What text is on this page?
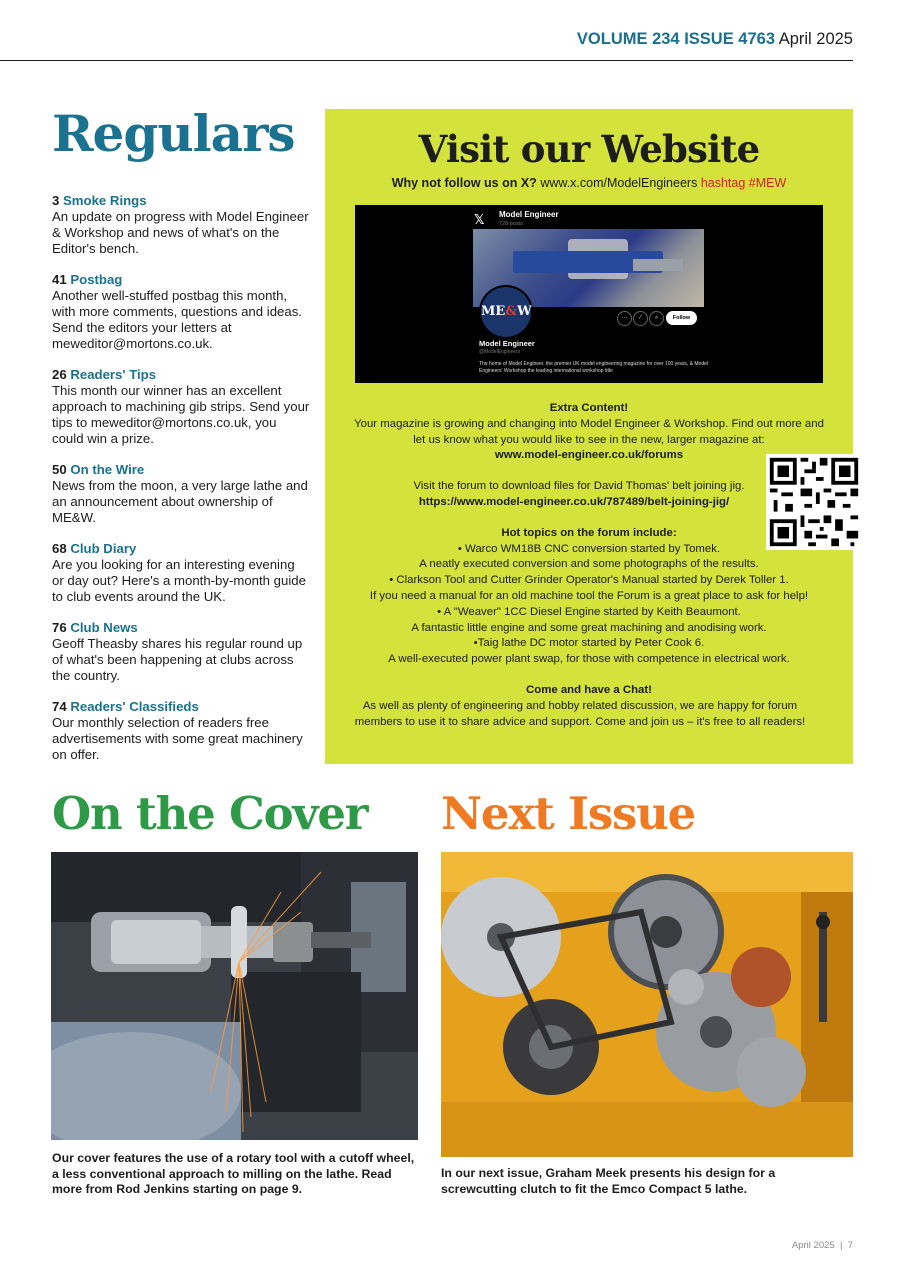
VOLUME 234 ISSUE 4763 April 2025
Regulars
3 Smoke Rings
An update on progress with Model Engineer & Workshop and news of what's on the Editor's bench.
41 Postbag
Another well-stuffed postbag this month, with more comments, questions and ideas. Send the editors your letters at meweditor@mortons.co.uk.
26 Readers' Tips
This month our winner has an excellent approach to machining gib strips. Send your tips to meweditor@mortons.co.uk, you could win a prize.
50 On the Wire
News from the moon, a very large lathe and an announcement about ownership of ME&W.
68 Club Diary
Are you looking for an interesting evening or day out? Here's a month-by-month guide to club events around the UK.
76 Club News
Geoff Theasby shares his regular round up of what's been happening at clubs across the country.
74 Readers' Classifieds
Our monthly selection of readers free advertisements with some great machinery on offer.
Visit our Website
Why not follow us on X? www.x.com/ModelEngineers hashtag #MEW
𝕏 Model Engineer
728 posts
ME&W	···	⁄	⌕	Follow
Model Engineer
@ModelEngineers
The home of Model Engineer, the premier UK model engineering magazine for over 100 years, & Model Engineers' Workshop the leading international workshop title
Extra Content!
Your magazine is growing and changing into Model Engineer & Workshop. Find out more and let us know what you would like to see in the new, larger magazine at:
www.model-engineer.co.uk/forums
Visit the forum to download files for David Thomas' belt joining jig.
https://www.model-engineer.co.uk/787489/belt-joining-jig/
Hot topics on the forum include:
• Warco WM18B CNC conversion started by Tomek.
A neatly executed conversion and some photographs of the results.
• Clarkson Tool and Cutter Grinder Operator's Manual started by Derek Toller 1.
If you need a manual for an old machine tool the Forum is a great place to ask for help!
• A "Weaver" 1CC Diesel Engine started by Keith Beaumont.
A fantastic little engine and some great machining and anodising work.
•Taig lathe DC motor started by Peter Cook 6.
A well-executed power plant swap, for those with competence in electrical work.
Come and have a Chat!
As well as plenty of engineering and hobby related discussion, we are happy for forum members to use it to share advice and support. Come and join us – it's free to all readers!
On the Cover
Our cover features the use of a rotary tool with a cutoff wheel, a less conventional approach to milling on the lathe. Read more from Rod Jenkins starting on page 9.
Next Issue
In our next issue, Graham Meek presents his design for a screwcutting clutch to fit the Emco Compact 5 lathe.
April 2025 | 7
